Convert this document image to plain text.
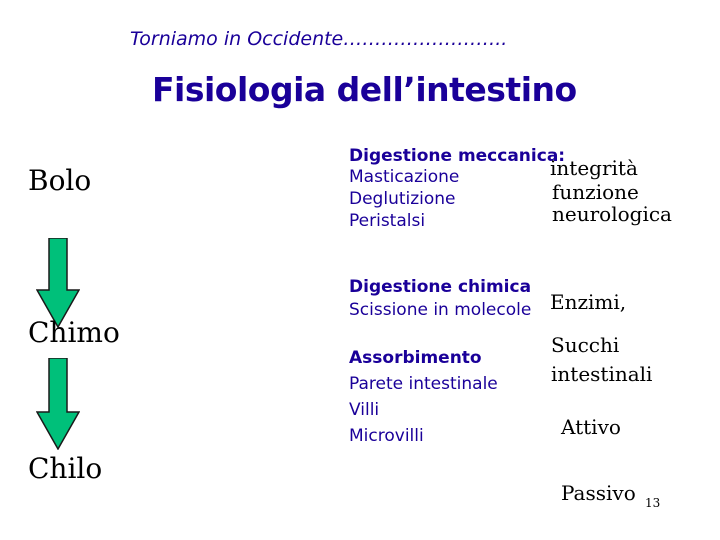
Torniamo in Occidente……………………..
Fisiologia dell’intestino
Bolo
Chimo
Chilo
Digestione meccanica:
Masticazione
Deglutizione
Peristalsi
integrità
funzione
neurologica
Digestione chimica
Scissione in molecole Enzimi,
Succhi
intestinali
Assorbimento
Parete intestinale
Villi
Microvilli	Attivo
Passivo 13
